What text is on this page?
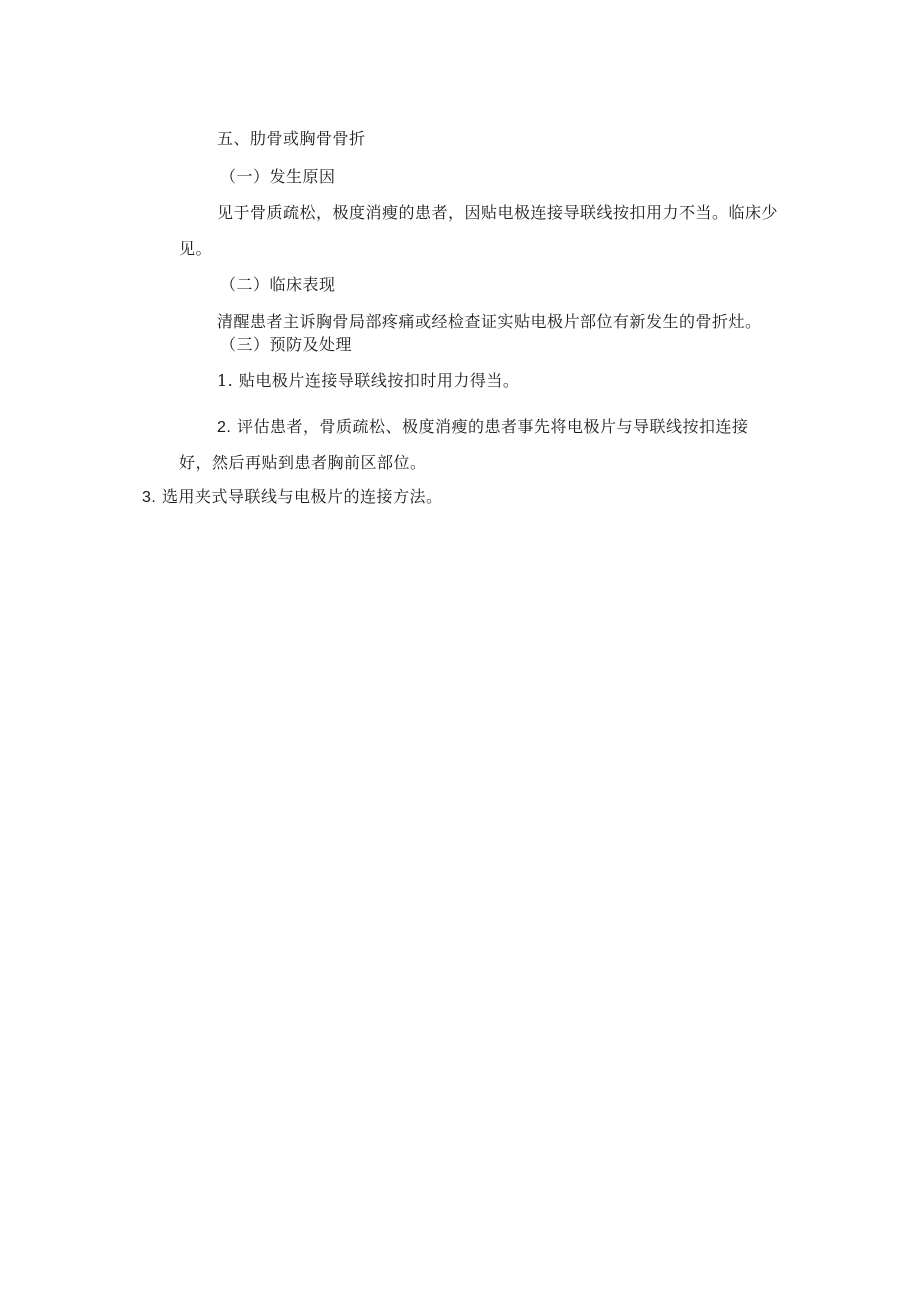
五、肋骨或胸骨骨折
（一）发生原因
见于骨质疏松，极度消瘦的患者，因贴电极连接导联线按扣用力不当。临床少
见。
（二）临床表现
清醒患者主诉胸骨局部疼痛或经检查证实贴电极片部位有新发生的骨折灶。
（三）预防及处理
1. 贴电极片连接导联线按扣时用力得当。
2. 评估患者，骨质疏松、极度消瘦的患者事先将电极片与导联线按扣连接
好，然后再贴到患者胸前区部位。
3. 选用夹式导联线与电极片的连接方法。
